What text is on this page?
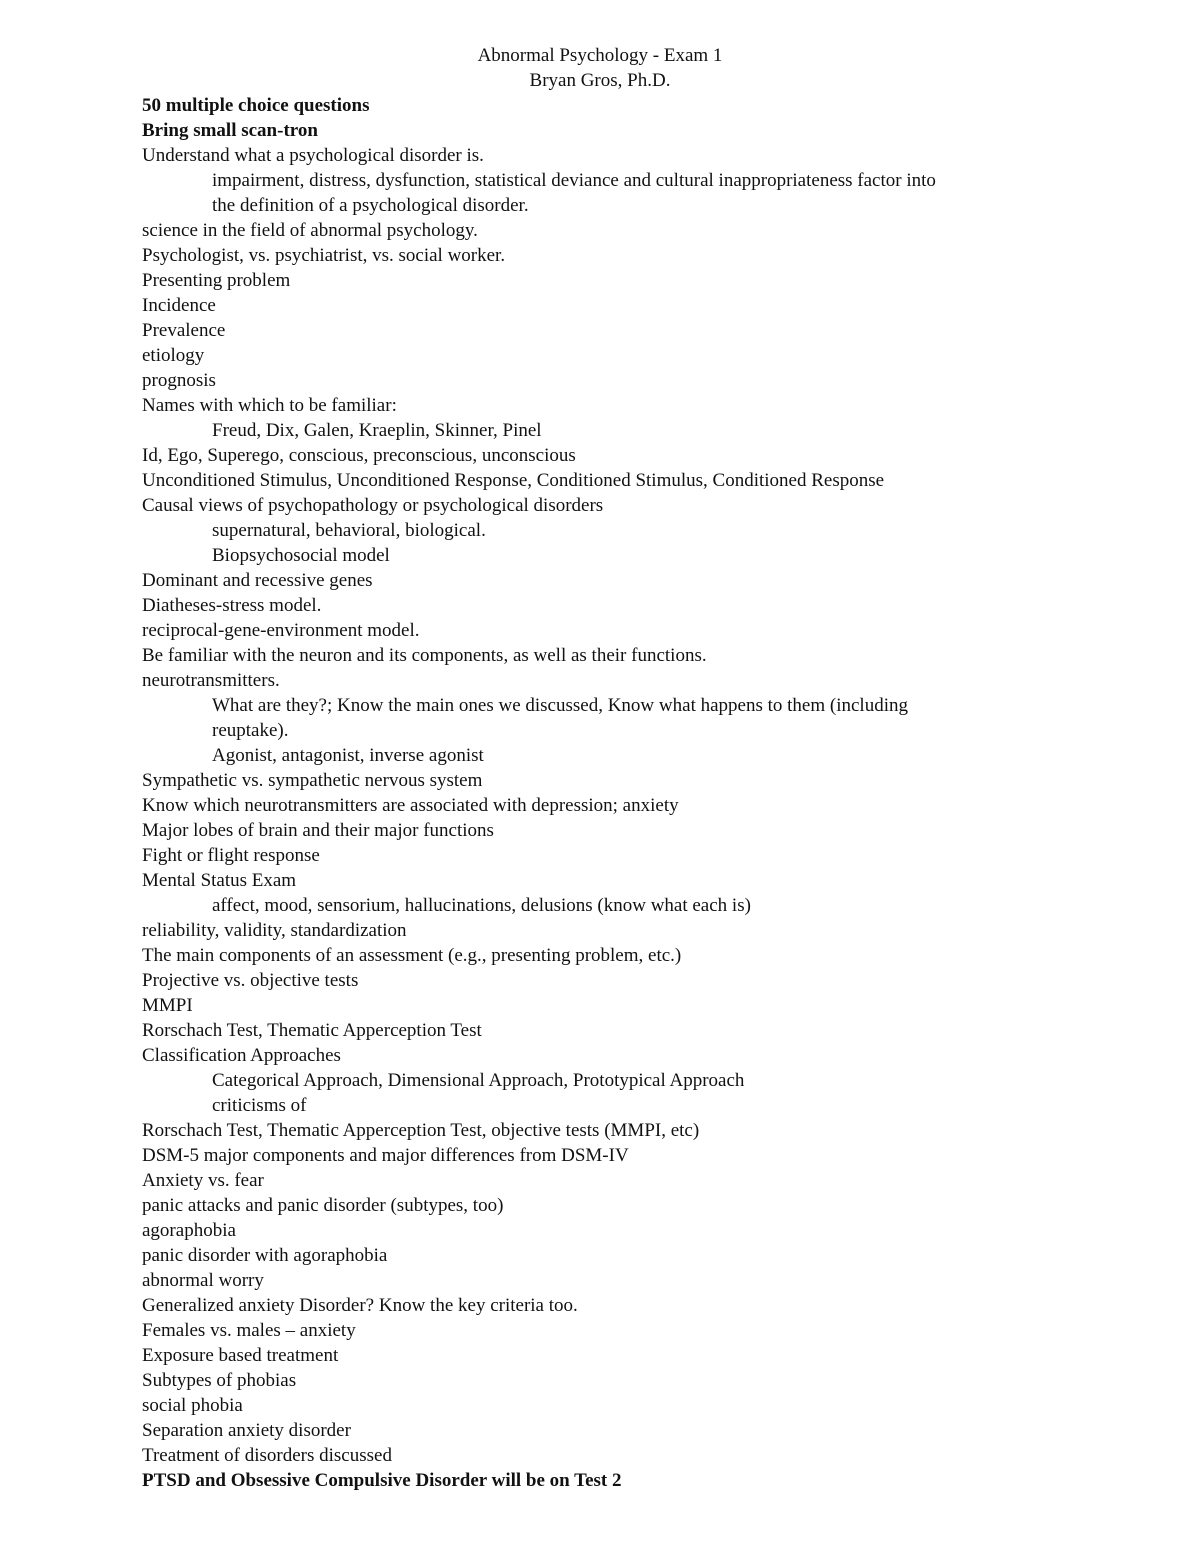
Abnormal Psychology - Exam 1
Bryan Gros, Ph.D.
50 multiple choice questions
Bring small scan-tron
Understand what a psychological disorder is.
impairment, distress, dysfunction, statistical deviance and cultural inappropriateness factor into
the definition of a psychological disorder.
science in the field of abnormal psychology.
Psychologist, vs. psychiatrist, vs. social worker.
Presenting problem
Incidence
Prevalence
etiology
prognosis
Names with which to be familiar:
Freud, Dix, Galen, Kraeplin, Skinner, Pinel
Id, Ego, Superego, conscious, preconscious, unconscious
Unconditioned Stimulus, Unconditioned Response, Conditioned Stimulus, Conditioned Response
Causal views of psychopathology or psychological disorders
supernatural, behavioral, biological.
Biopsychosocial model
Dominant and recessive genes
Diatheses-stress model.
reciprocal-gene-environment model.
Be familiar with the neuron and its components, as well as their functions.
neurotransmitters.
What are they?; Know the main ones we discussed, Know what happens to them (including
reuptake).
Agonist, antagonist, inverse agonist
Sympathetic vs. sympathetic nervous system
Know which neurotransmitters are associated with depression; anxiety
Major lobes of brain and their major functions
Fight or flight response
Mental Status Exam
affect, mood, sensorium, hallucinations, delusions (know what each is)
reliability, validity, standardization
The main components of an assessment (e.g., presenting problem, etc.)
Projective vs. objective tests
MMPI
Rorschach Test, Thematic Apperception Test
Classification Approaches
Categorical Approach, Dimensional Approach, Prototypical Approach
criticisms of
Rorschach Test, Thematic Apperception Test, objective tests (MMPI, etc)
DSM-5 major components and major differences from DSM-IV
Anxiety vs. fear
panic attacks and panic disorder (subtypes, too)
agoraphobia
panic disorder with agoraphobia
abnormal worry
Generalized anxiety Disorder? Know the key criteria too.
Females vs. males – anxiety
Exposure based treatment
Subtypes of phobias
social phobia
Separation anxiety disorder
Treatment of disorders discussed
PTSD and Obsessive Compulsive Disorder will be on Test 2
